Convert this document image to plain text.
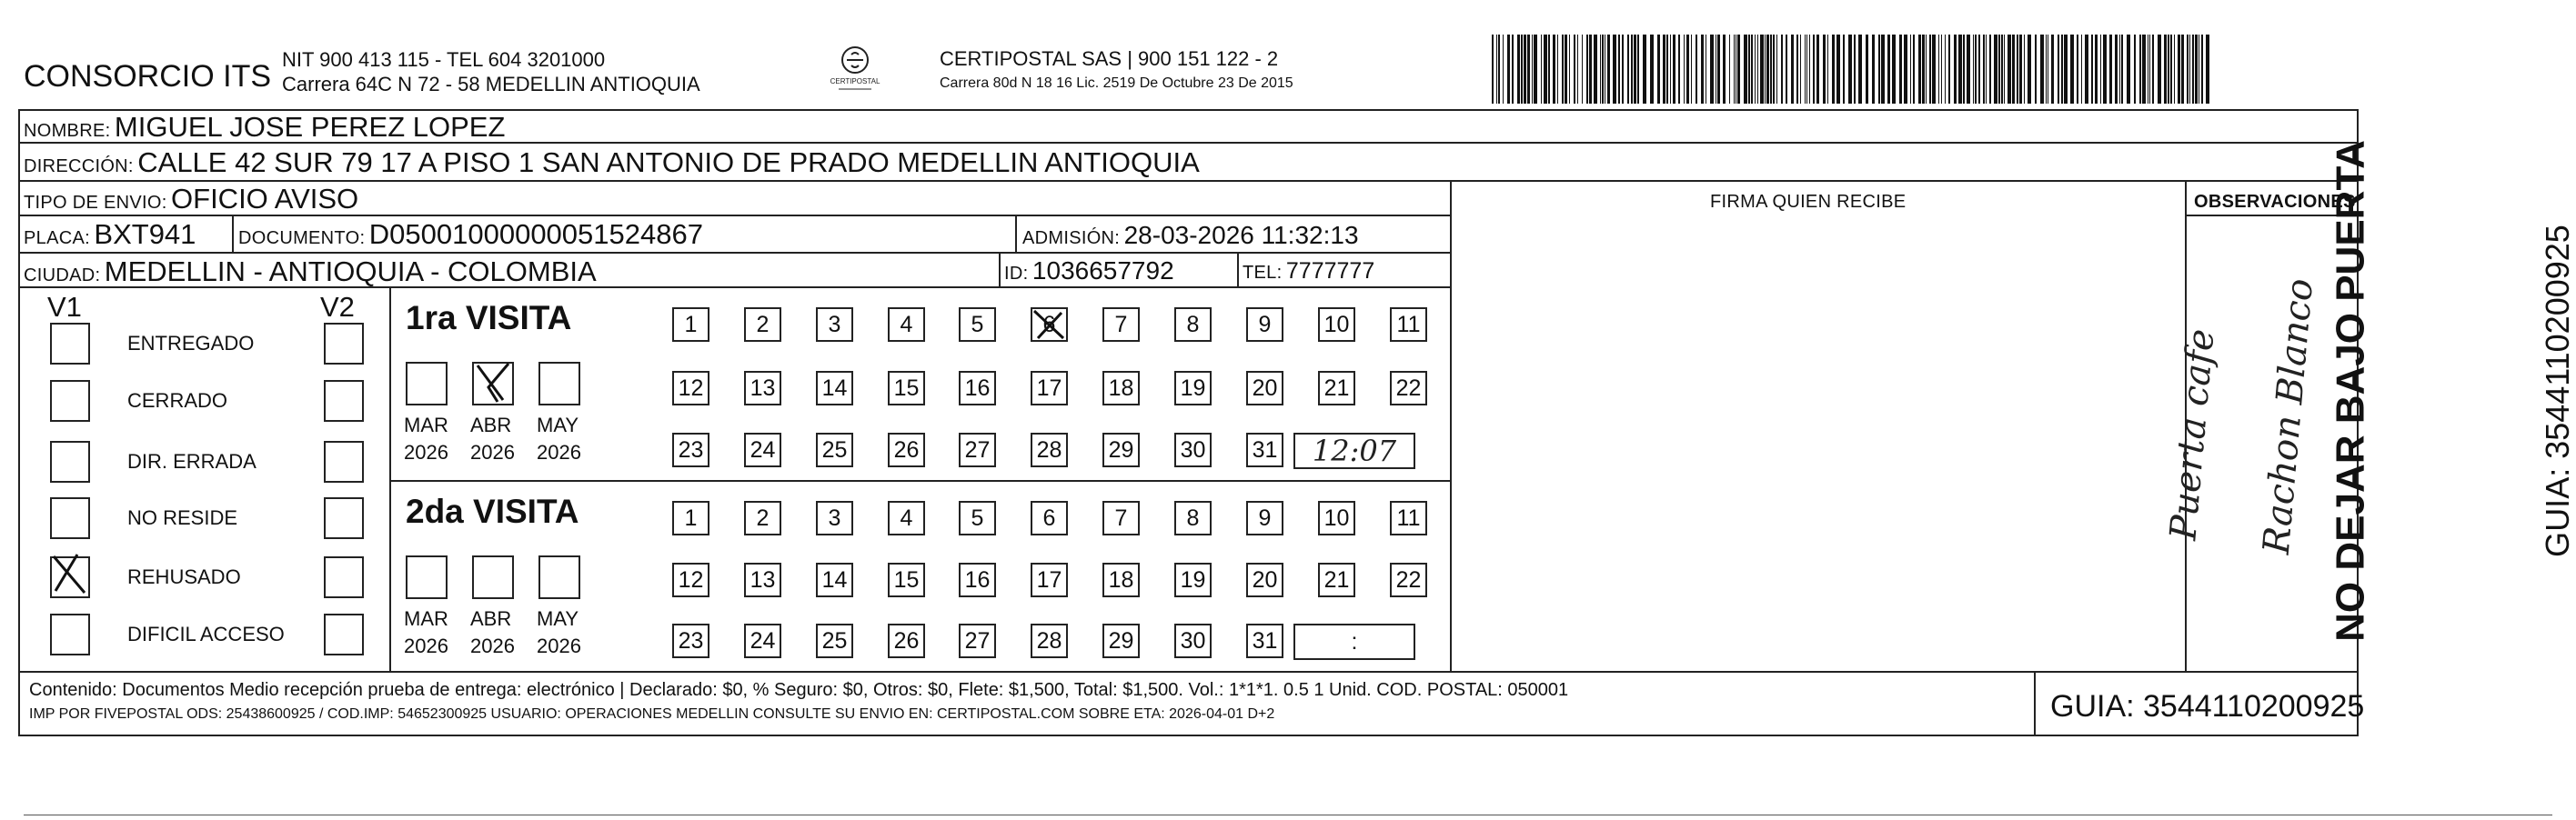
CONSORCIO ITS NIT 900 413 115 - TEL 604 3201000
Carrera 64C N 72 - 58 MEDELLIN ANTIOQUIA	CERTIPOSTAL
CERTIPOSTAL SAS | 900 151 122 - 2
Carrera 80d N 18 16 Lic. 2519 De Octubre 23 De 2015
NOMBRE: MIGUEL JOSE PEREZ LOPEZ
DIRECCIÓN: CALLE 42 SUR 79 17 A PISO 1 SAN ANTONIO DE PRADO MEDELLIN ANTIOQUIA
TIPO DE ENVIO: OFICIO AVISO
PLACA: BXT941 DOCUMENTO: D05001000000051524867	ADMISIÓN: 28-03-2026 11:32:13
CIUDAD: MEDELLIN - ANTIOQUIA - COLOMBIA	ID: 1036657792	TEL: 7777777
FIRMA QUIEN RECIBE	OBSERVACIONES
Puerta cafe Rachon Blanco
V1	V2
ENTREGADO
CERRADO
DIR. ERRADA
NO RESIDE
REHUSADO
DIFICIL ACCESO
1ra VISITA
MAR
2026
ABR
2026
MAY
2026
1	2	3	4	5	6	7	8	9 10 11
12 13 14 15 16 17 18 19 20 21 22
23 24 25 26 27 28 29 30 31 12:07
2da VISITA
MAR
2026
ABR
2026
MAY
2026
1	2	3	4	5	6	7	8	9 10 11
12 13 14 15 16 17 18 19 20 21 22
23 24 25 26 27 28 29 30 31	:
Contenido: Documentos Medio recepción prueba de entrega: electrónico | Declarado: $0, % Seguro: $0, Otros: $0, Flete: $1,500, Total: $1,500. Vol.: 1*1*1. 0.5 1 Unid. COD. POSTAL: 050001
IMP POR FIVEPOSTAL ODS: 25438600925 / COD.IMP: 54652300925 USUARIO: OPERACIONES MEDELLIN CONSULTE SU ENVIO EN: CERTIPOSTAL.COM SOBRE ETA: 2026-04-01 D+2	GUIA: 3544110200925
NO DEJAR BAJO PUERTA	GUIA: 3544110200925
